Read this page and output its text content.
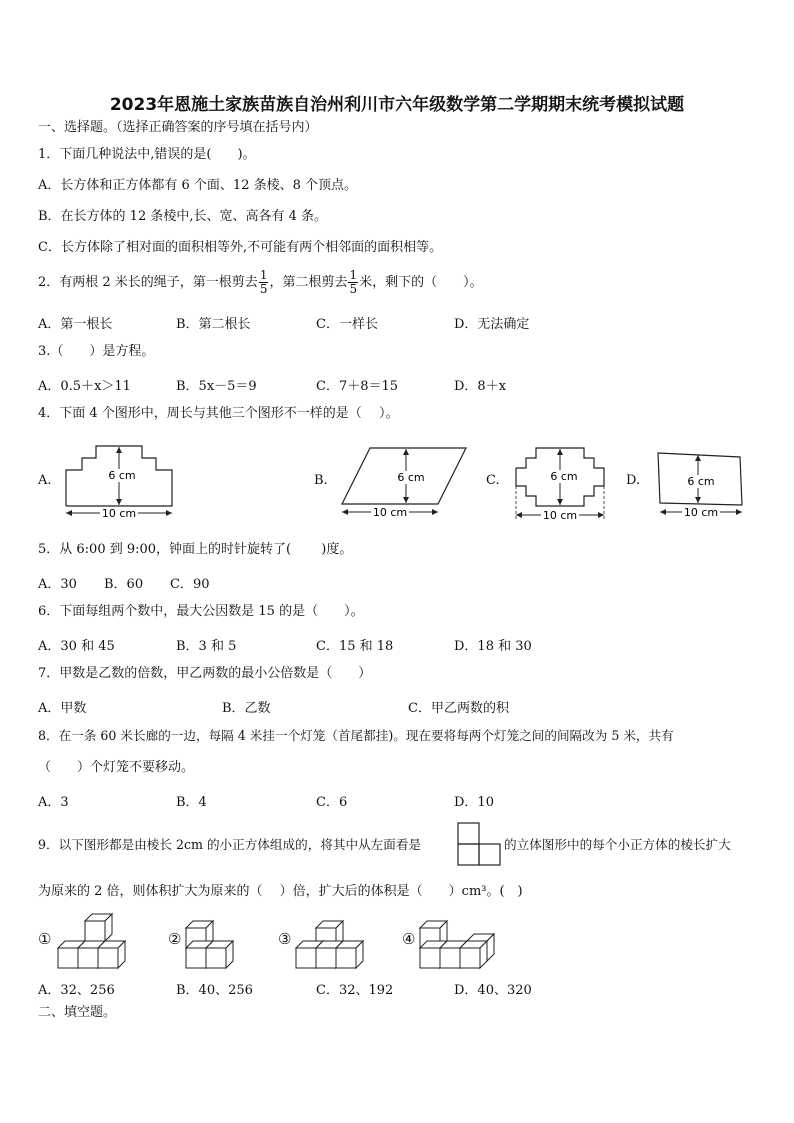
2023年恩施土家族苗族自治州利川市六年级数学第二学期期末统考模拟试题
一、选择题。（选择正确答案的序号填在括号内）
1．下面几种说法中,错误的是(　　)。
A．长方体和正方体都有 6 个面、12 条棱、8 个顶点。
B．在长方体的 12 条棱中,长、宽、高各有 4 条。
C．长方体除了相对面的面积相等外,不可能有两个相邻面的面积相等。
2．有两根 2 米长的绳子，第一根剪去 $\frac{1}{5}$ ，第二根剪去 $\frac{1}{5}$ 米，剩下的（　　）。
A．第一根长	B．第二根长	C．一样长	D．无法确定
3.（　　）是方程。
A．0.5＋x＞11	B．5x－5＝9	C．7＋8＝15	D．8＋x
4．下面 4 个图形中，周长与其他三个图形不一样的是（　 ）。
A.	B.	C.	D.
6 cm
10 cm
6 cm
10 cm
6 cm
10 cm
6 cm
10 cm
5．从 6:00 到 9:00，钟面上的时针旋转了(　　 )度。
A．30 B．60 C．90
6．下面每组两个数中，最大公因数是 15 的是（　　）。
A．30 和 45	B．3 和 5	C．15 和 18	D．18 和 30
7．甲数是乙数的倍数，甲乙两数的最小公倍数是（　　）
A．甲数	B．乙数	C．甲乙两数的积
8．在一条 60 米长廊的一边，每隔 4 米挂一个灯笼（首尾都挂)。现在要将每两个灯笼之间的间隔改为 5 米，共有
（　　）个灯笼不要移动。
A．3	B．4	C．6	D．10
9．以下图形都是由棱长 2cm 的小正方体组成的，将其中从左面看是	的立体图形中的每个小正方体的棱长扩大
为原来的 2 倍，则体积扩大为原来的（　 ）倍，扩大后的体积是（　　）cm³。(　)
①	②	③	④
A．32、256	B．40、256	C．32、192	D．40、320
二、填空题。
